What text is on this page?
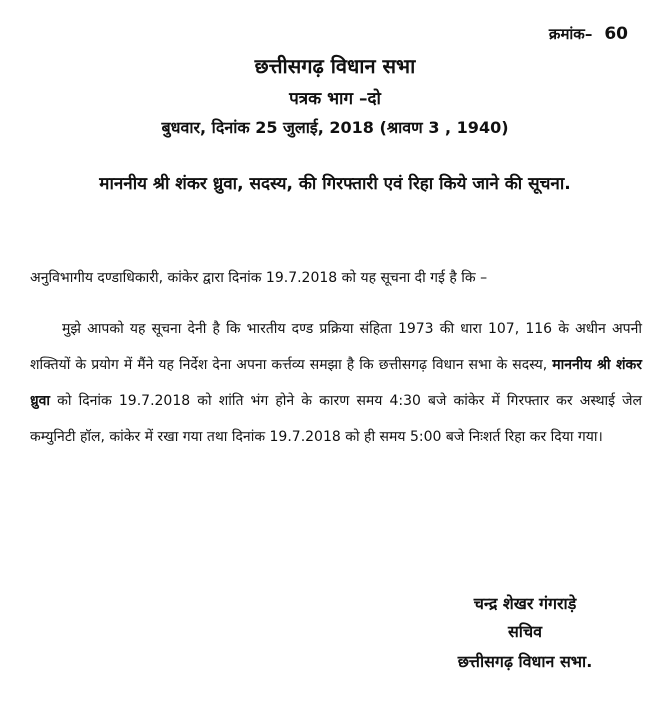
क्रमांक– 60
छत्तीसगढ़ विधान सभा
पत्रक भाग –दो
बुधवार, दिनांक 25 जुलाई, 2018 (श्रावण 3 , 1940)
माननीय श्री शंकर ध्रुवा, सदस्य, की गिरफ्तारी एवं रिहा किये जाने की सूचना.

अनुविभागीय दण्डाधिकारी, कांकेर द्वारा दिनांक 19.7.2018 को यह सूचना दी गई है कि –

मुझे आपको यह सूचना देनी है कि भारतीय दण्ड प्रक्रिया संहिता 1973 की धारा 107, 116 के अधीन अपनी शक्तियों के प्रयोग में मैंने यह निर्देश देना अपना कर्त्तव्य समझा है कि छत्तीसगढ़ विधान सभा के सदस्य, माननीय श्री शंकर ध्रुवा को दिनांक 19.7.2018 को शांति भंग होने के कारण समय 4:30 बजे कांकेर में गिरफ्तार कर अस्थाई जेल कम्युनिटी हॉल, कांकेर में रखा गया तथा दिनांक 19.7.2018 को ही समय 5:00 बजे निःशर्त रिहा कर दिया गया।

चन्द्र शेखर गंगराड़े
सचिव
छत्तीसगढ़ विधान सभा.
